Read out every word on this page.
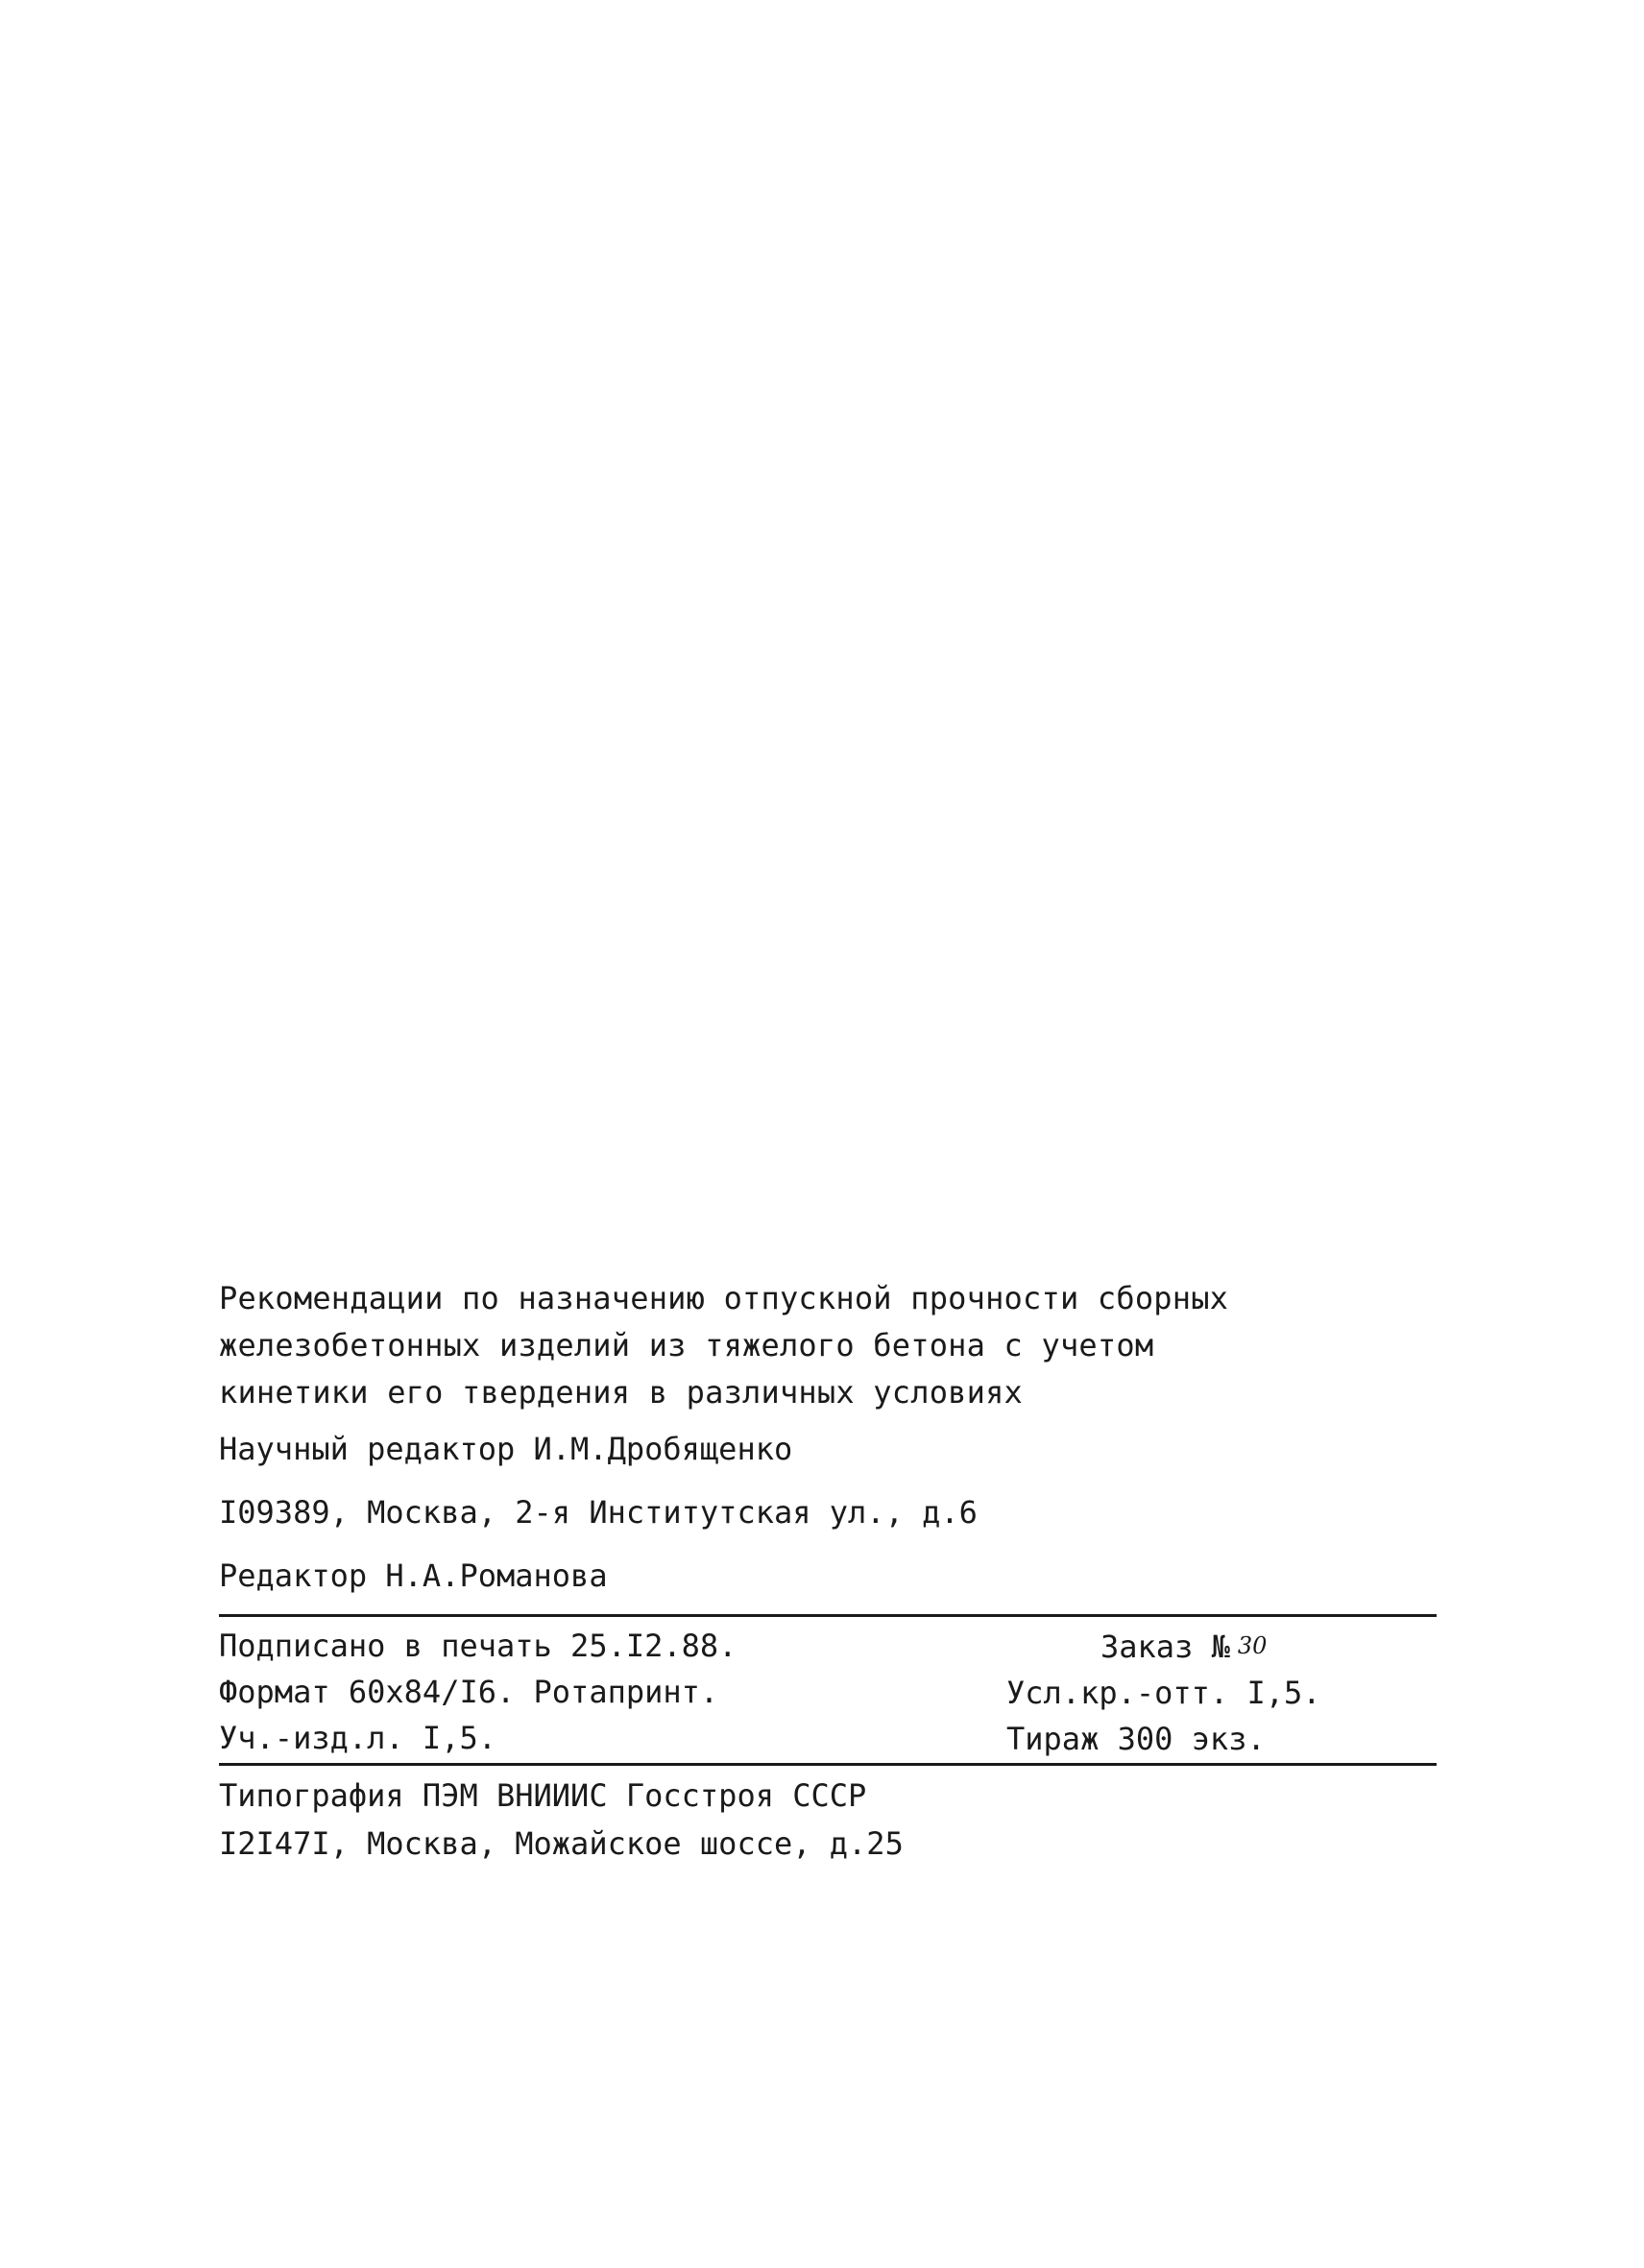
Рекомендации по назначению отпускной прочности сборных
железобетонных изделий из тяжелого бетона с учетом
кинетики его твердения в различных условиях
Научный редактор И.М.Дробященко
I09389, Москва, 2-я Институтская ул., д.6
Редактор Н.А.Романова
Подписано в печать 25.I2.88.
Формат 60х84/I6. Ротапринт.
Уч.-изд.л. I,5.
Заказ № 30
Усл.кр.-отт. I,5.
Тираж 300 экз.
Типография ПЭМ ВНИИИС Госстроя СССР
I2I47I, Москва, Можайское шоссе, д.25
